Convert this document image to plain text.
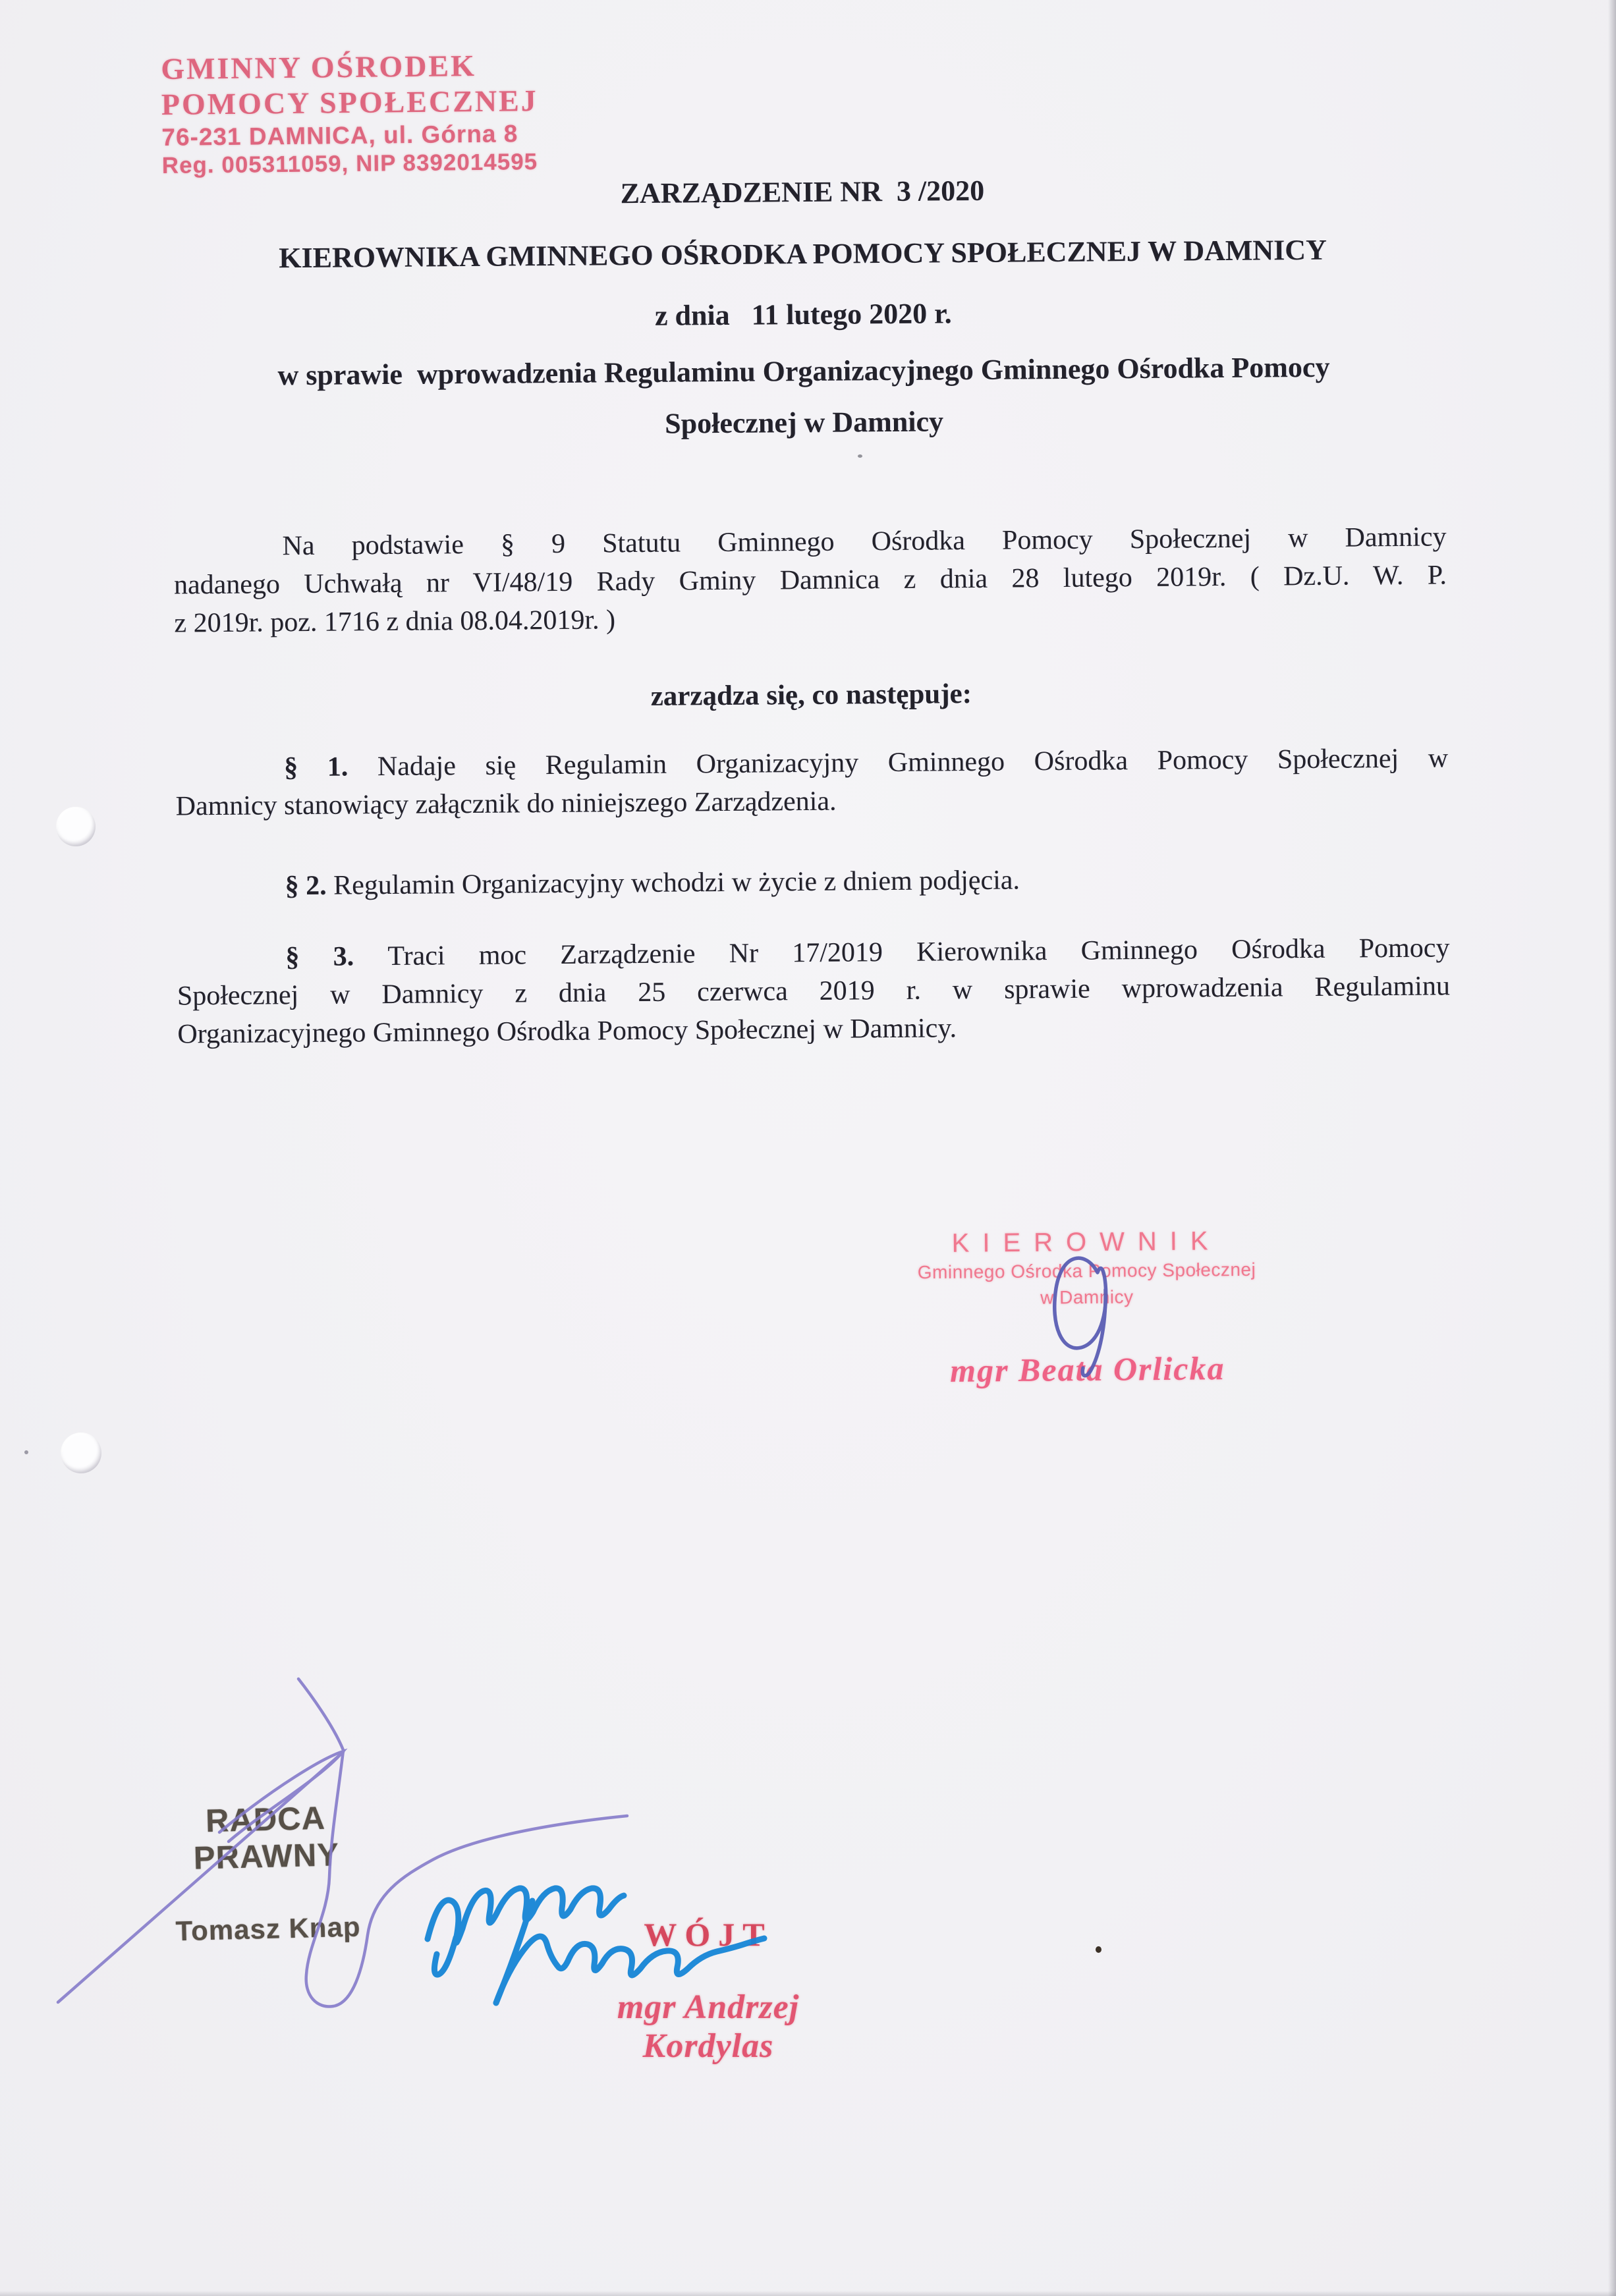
GMINNY OŚRODEK
POMOCY SPOŁECZNEJ
76-231 DAMNICA, ul. Górna 8
Reg. 005311059, NIP 8392014595
ZARZĄDZENIE NR  3 /2020
KIEROWNIKA GMINNEGO OŚRODKA POMOCY SPOŁECZNEJ W DAMNICY
z dnia   11 lutego 2020 r.
w sprawie  wprowadzenia Regulaminu Organizacyjnego Gminnego Ośrodka Pomocy
Społecznej w Damnicy
Na podstawie § 9 Statutu Gminnego Ośrodka Pomocy Społecznej w Damnicy
nadanego Uchwałą nr VI/48/19 Rady Gminy Damnica z dnia 28 lutego 2019r. ( Dz.U. W. P.
z 2019r. poz. 1716 z dnia 08.04.2019r. )
zarządza się, co następuje:
§ 1. Nadaje się Regulamin Organizacyjny Gminnego Ośrodka Pomocy Społecznej w
Damnicy stanowiący załącznik do niniejszego Zarządzenia.
§ 2. Regulamin Organizacyjny wchodzi w życie z dniem podjęcia.
§ 3. Traci moc Zarządzenie Nr 17/2019 Kierownika Gminnego Ośrodka Pomocy
Społecznej w Damnicy z dnia 25 czerwca 2019 r. w sprawie wprowadzenia Regulaminu
Organizacyjnego Gminnego Ośrodka Pomocy Społecznej w Damnicy.
KIEROWNIK
Gminnego Ośrodka Pomocy Społecznej
w Damnicy
mgr Beata Orlicka
RADCA PRAWNY
Tomasz Knap	WÓJT
mgr Andrzej Kordylas
